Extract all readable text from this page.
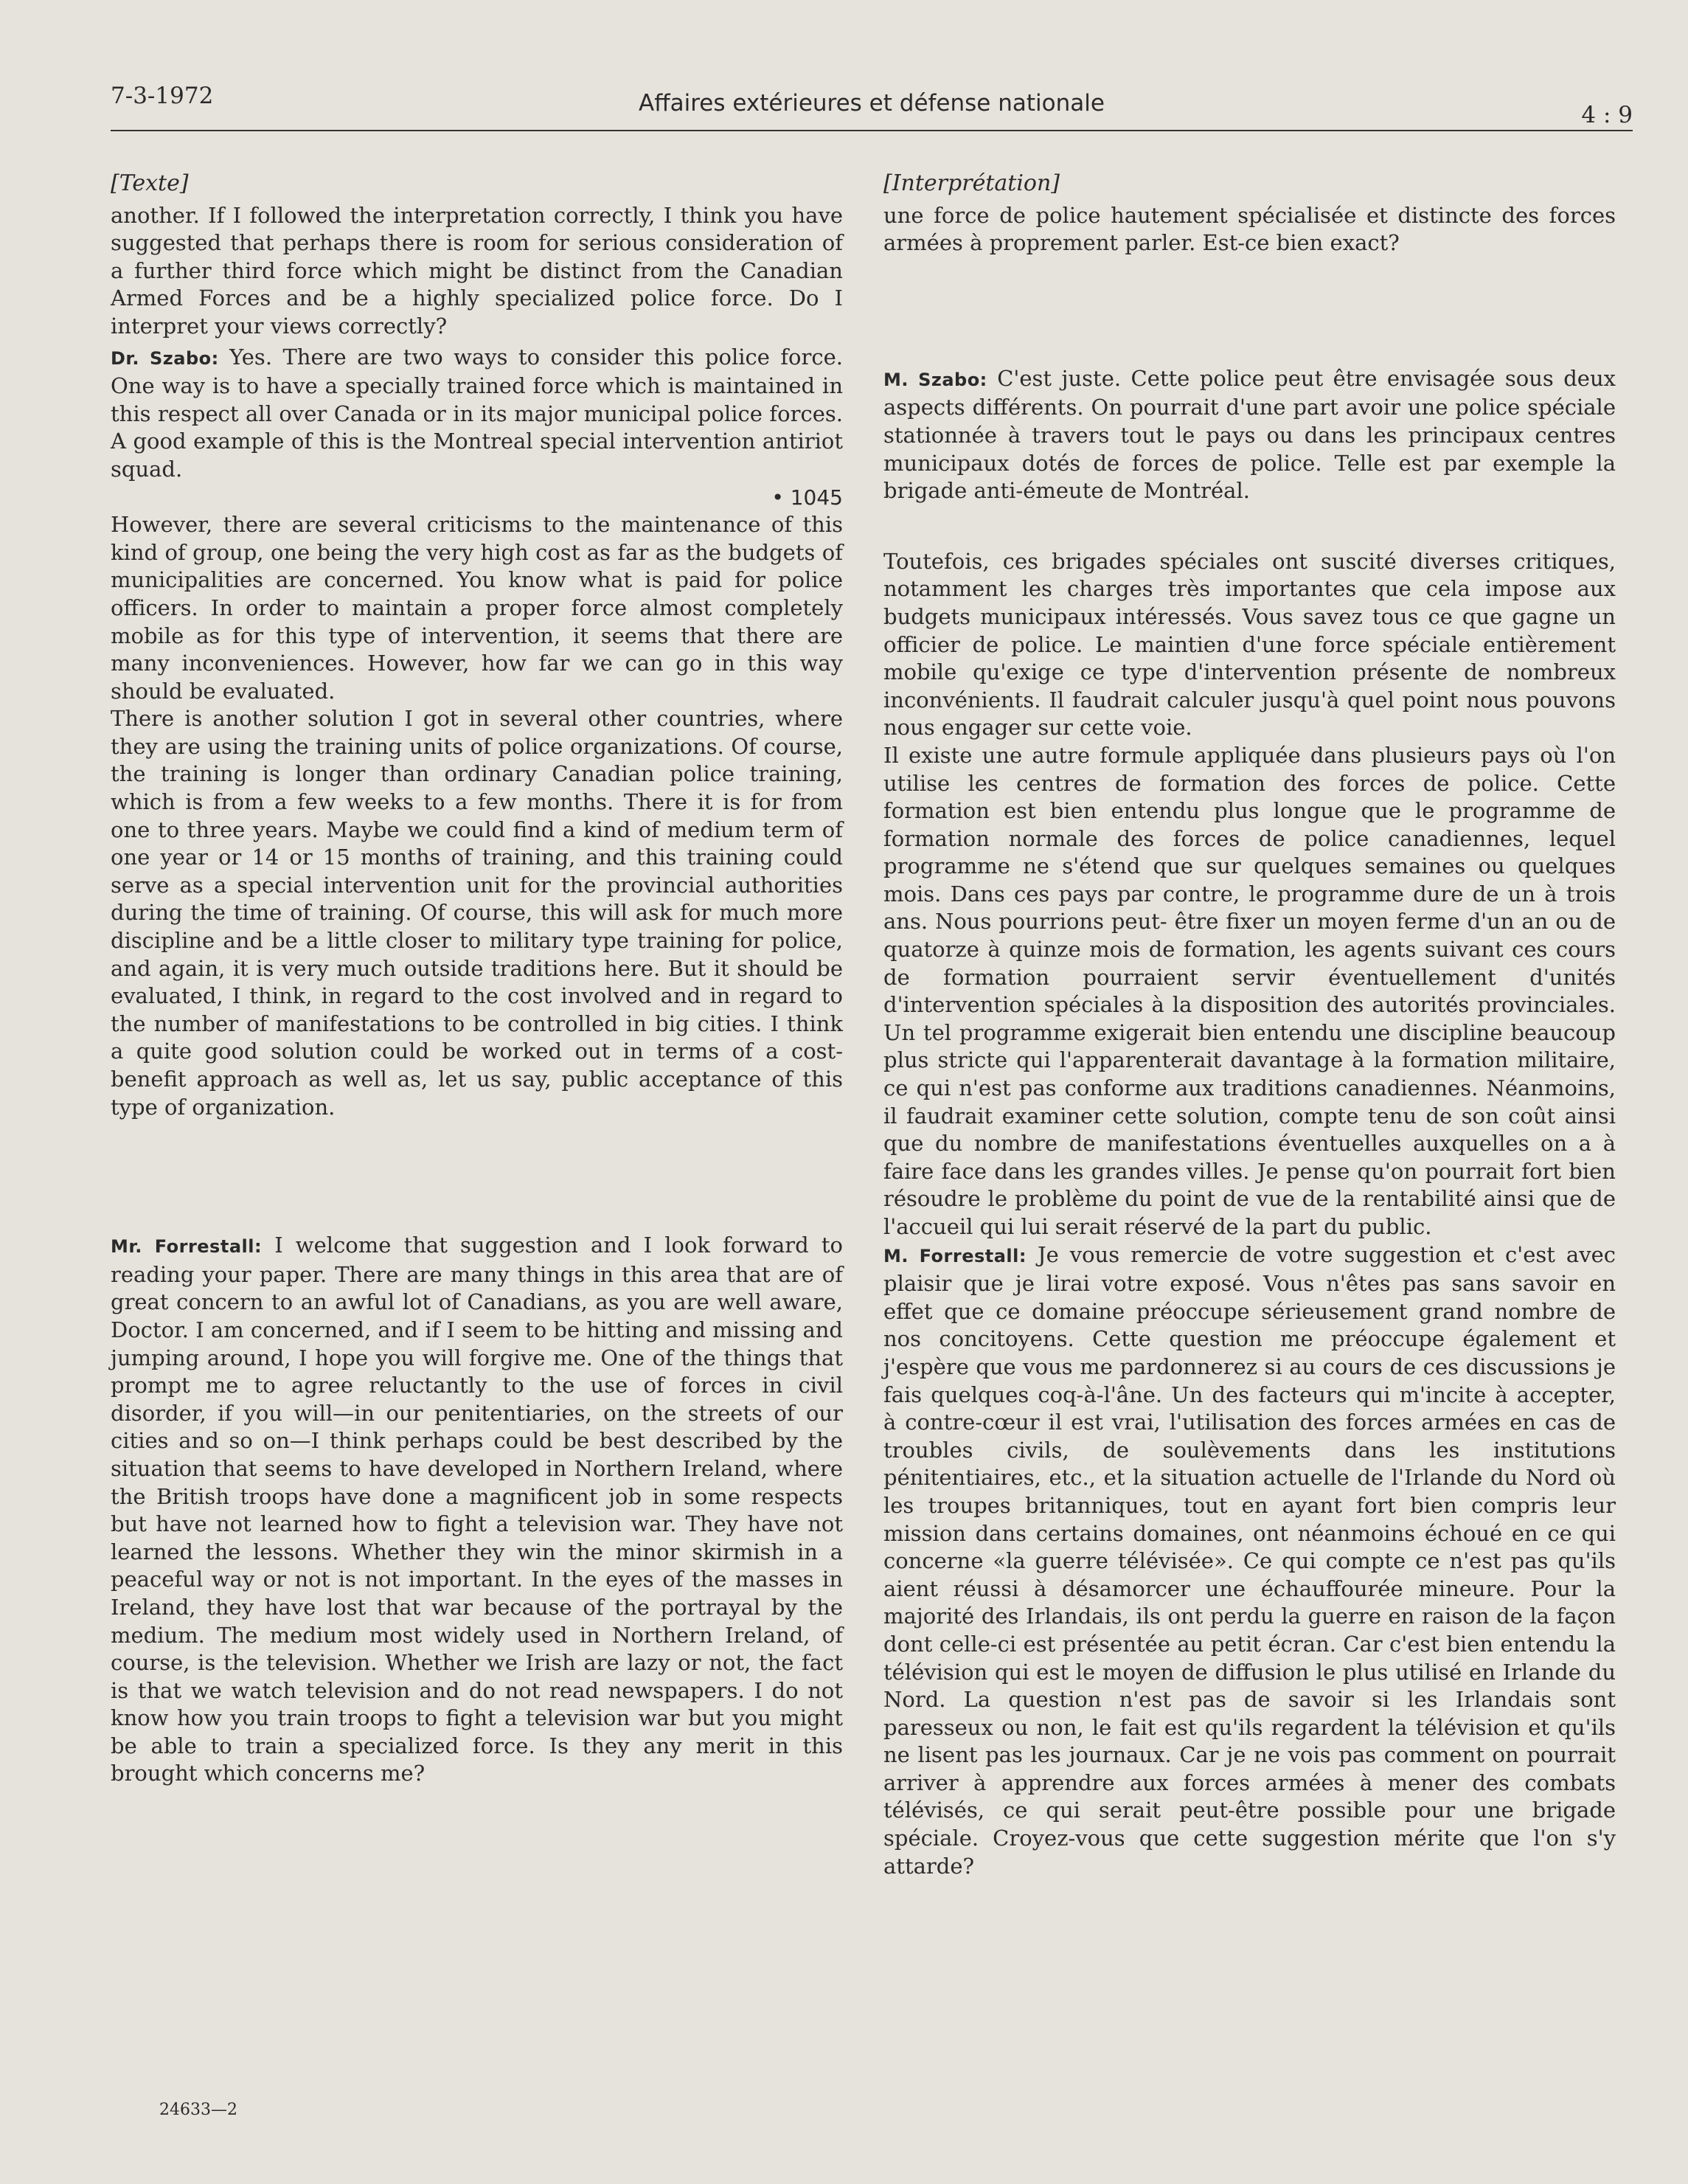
7-3-1972	Affaires extérieures et défense nationale	4 : 9

[Texte]

another. If I followed the interpretation correctly, I think you have suggested that perhaps there is room for serious consideration of a further third force which might be distinct from the Canadian Armed Forces and be a highly specialized police force. Do I interpret your views correctly?

Dr. Szabo: Yes. There are two ways to consider this police force. One way is to have a specially trained force which is maintained in this respect all over Canada or in its major municipal police forces. A good example of this is the Montreal special intervention antiriot squad.

• 1045

However, there are several criticisms to the maintenance of this kind of group, one being the very high cost as far as the budgets of municipalities are concerned. You know what is paid for police officers. In order to maintain a proper force almost completely mobile as for this type of intervention, it seems that there are many inconveniences. However, how far we can go in this way should be evaluated.

There is another solution I got in several other countries, where they are using the training units of police organizations. Of course, the training is longer than ordinary Canadian police training, which is from a few weeks to a few months. There it is for from one to three years. Maybe we could find a kind of medium term of one year or 14 or 15 months of training, and this training could serve as a special intervention unit for the provincial authorities during the time of training. Of course, this will ask for much more discipline and be a little closer to military type training for police, and again, it is very much outside traditions here. But it should be evaluated, I think, in regard to the cost involved and in regard to the number of manifestations to be controlled in big cities. I think a quite good solution could be worked out in terms of a cost-benefit approach as well as, let us say, public acceptance of this type of organization.

Mr. Forrestall: I welcome that suggestion and I look forward to reading your paper. There are many things in this area that are of great concern to an awful lot of Canadians, as you are well aware, Doctor. I am concerned, and if I seem to be hitting and missing and jumping around, I hope you will forgive me. One of the things that prompt me to agree reluctantly to the use of forces in civil disorder, if you will—in our penitentiaries, on the streets of our cities and so on—I think perhaps could be best described by the situation that seems to have developed in Northern Ireland, where the British troops have done a magnificent job in some respects but have not learned how to fight a television war. They have not learned the lessons. Whether they win the minor skirmish in a peaceful way or not is not important. In the eyes of the masses in Ireland, they have lost that war because of the portrayal by the medium. The medium most widely used in Northern Ireland, of course, is the television. Whether we Irish are lazy or not, the fact is that we watch television and do not read newspapers. I do not know how you train troops to fight a television war but you might be able to train a specialized force. Is they any merit in this brought which concerns me?

[Interprétation]

une force de police hautement spécialisée et distincte des forces armées à proprement parler. Est-ce bien exact?

M. Szabo: C'est juste. Cette police peut être envisagée sous deux aspects différents. On pourrait d'une part avoir une police spéciale stationnée à travers tout le pays ou dans les principaux centres municipaux dotés de forces de police. Telle est par exemple la brigade anti-émeute de Montréal.

Toutefois, ces brigades spéciales ont suscité diverses critiques, notamment les charges très importantes que cela impose aux budgets municipaux intéressés. Vous savez tous ce que gagne un officier de police. Le maintien d'une force spéciale entièrement mobile qu'exige ce type d'intervention présente de nombreux inconvénients. Il faudrait calculer jusqu'à quel point nous pouvons nous engager sur cette voie.

Il existe une autre formule appliquée dans plusieurs pays où l'on utilise les centres de formation des forces de police. Cette formation est bien entendu plus longue que le programme de formation normale des forces de police canadiennes, lequel programme ne s'étend que sur quelques semaines ou quelques mois. Dans ces pays par contre, le programme dure de un à trois ans. Nous pourrions peut- être fixer un moyen ferme d'un an ou de quatorze à quinze mois de formation, les agents suivant ces cours de formation pourraient servir éventuellement d'unités d'intervention spéciales à la disposition des autorités provinciales. Un tel programme exigerait bien entendu une discipline beaucoup plus stricte qui l'apparenterait davantage à la formation militaire, ce qui n'est pas conforme aux traditions canadiennes. Néanmoins, il faudrait examiner cette solution, compte tenu de son coût ainsi que du nombre de manifestations éventuelles auxquelles on a à faire face dans les grandes villes. Je pense qu'on pourrait fort bien résoudre le problème du point de vue de la rentabilité ainsi que de l'accueil qui lui serait réservé de la part du public.

M. Forrestall: Je vous remercie de votre suggestion et c'est avec plaisir que je lirai votre exposé. Vous n'êtes pas sans savoir en effet que ce domaine préoccupe sérieusement grand nombre de nos concitoyens. Cette question me préoccupe également et j'espère que vous me pardonnerez si au cours de ces discussions je fais quelques coq-à-l'âne. Un des facteurs qui m'incite à accepter, à contre-cœur il est vrai, l'utilisation des forces armées en cas de troubles civils, de soulèvements dans les institutions pénitentiaires, etc., et la situation actuelle de l'Irlande du Nord où les troupes britanniques, tout en ayant fort bien compris leur mission dans certains domaines, ont néanmoins échoué en ce qui concerne «la guerre télévisée». Ce qui compte ce n'est pas qu'ils aient réussi à désamorcer une échauffourée mineure. Pour la majorité des Irlandais, ils ont perdu la guerre en raison de la façon dont celle-ci est présentée au petit écran. Car c'est bien entendu la télévision qui est le moyen de diffusion le plus utilisé en Irlande du Nord. La question n'est pas de savoir si les Irlandais sont paresseux ou non, le fait est qu'ils regardent la télévision et qu'ils ne lisent pas les journaux. Car je ne vois pas comment on pourrait arriver à apprendre aux forces armées à mener des combats télévisés, ce qui serait peut-être possible pour une brigade spéciale. Croyez-vous que cette suggestion mérite que l'on s'y attarde?

24633—2
